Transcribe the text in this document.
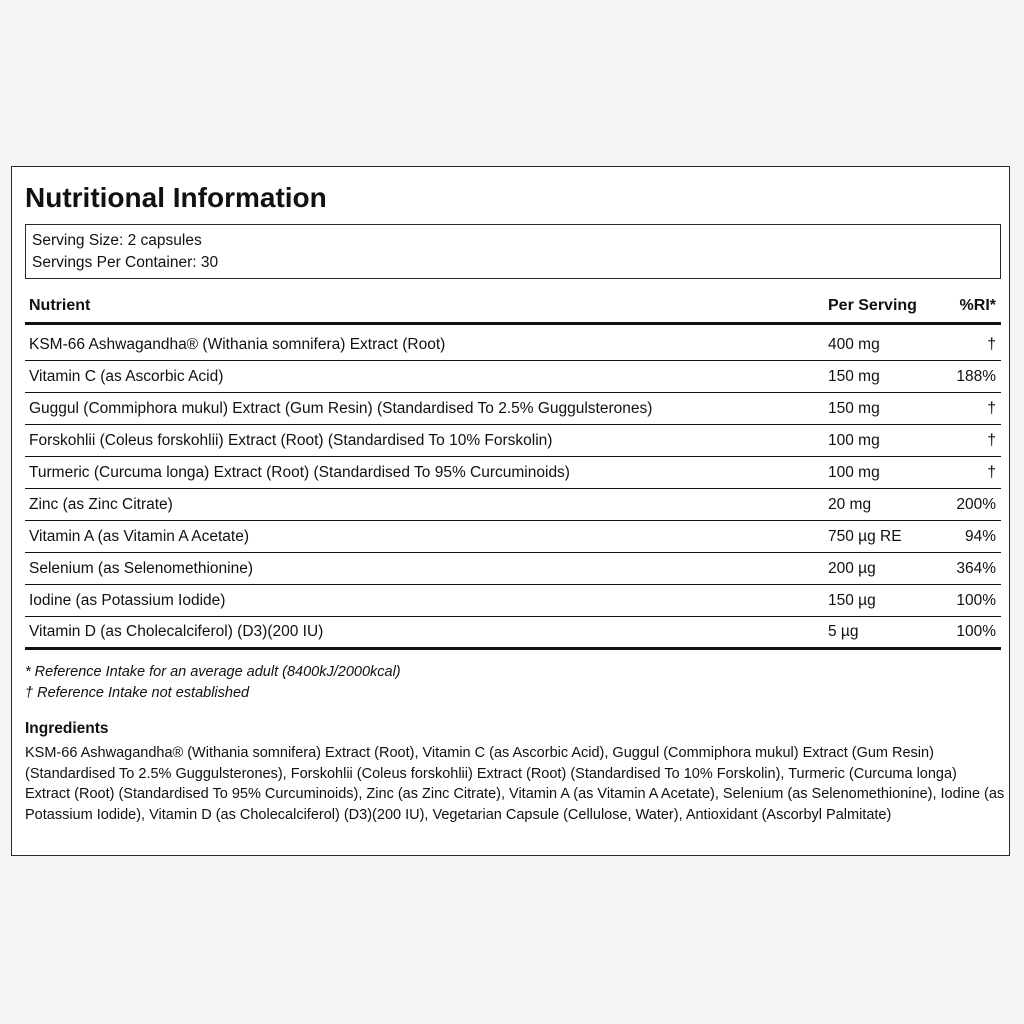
Nutritional Information
Serving Size: 2 capsules
Servings Per Container: 30
Nutrient	Per Serving	%RI*
KSM-66 Ashwagandha® (Withania somnifera) Extract (Root)	400 mg	†
Vitamin C (as Ascorbic Acid)	150 mg	188%
Guggul (Commiphora mukul) Extract (Gum Resin) (Standardised To 2.5% Guggulsterones)	150 mg	†
Forskohlii (Coleus forskohlii) Extract (Root) (Standardised To 10% Forskolin)	100 mg	†
Turmeric (Curcuma longa) Extract (Root) (Standardised To 95% Curcuminoids)	100 mg	†
Zinc (as Zinc Citrate)	20 mg	200%
Vitamin A (as Vitamin A Acetate)	750 µg RE	94%
Selenium (as Selenomethionine)	200 µg	364%
Iodine (as Potassium Iodide)	150 µg	100%
Vitamin D (as Cholecalciferol) (D3)(200 IU)	5 µg	100%
* Reference Intake for an average adult (8400kJ/2000kcal)
† Reference Intake not established
Ingredients
KSM-66 Ashwagandha® (Withania somnifera) Extract (Root), Vitamin C (as Ascorbic Acid), Guggul (Commiphora mukul) Extract (Gum Resin) (Standardised To 2.5% Guggulsterones), Forskohlii (Coleus forskohlii) Extract (Root) (Standardised To 10% Forskolin), Turmeric (Curcuma longa) Extract (Root) (Standardised To 95% Curcuminoids), Zinc (as Zinc Citrate), Vitamin A (as Vitamin A Acetate), Selenium (as Selenomethionine), Iodine (as Potassium Iodide), Vitamin D (as Cholecalciferol) (D3)(200 IU), Vegetarian Capsule (Cellulose, Water), Antioxidant (Ascorbyl Palmitate)
